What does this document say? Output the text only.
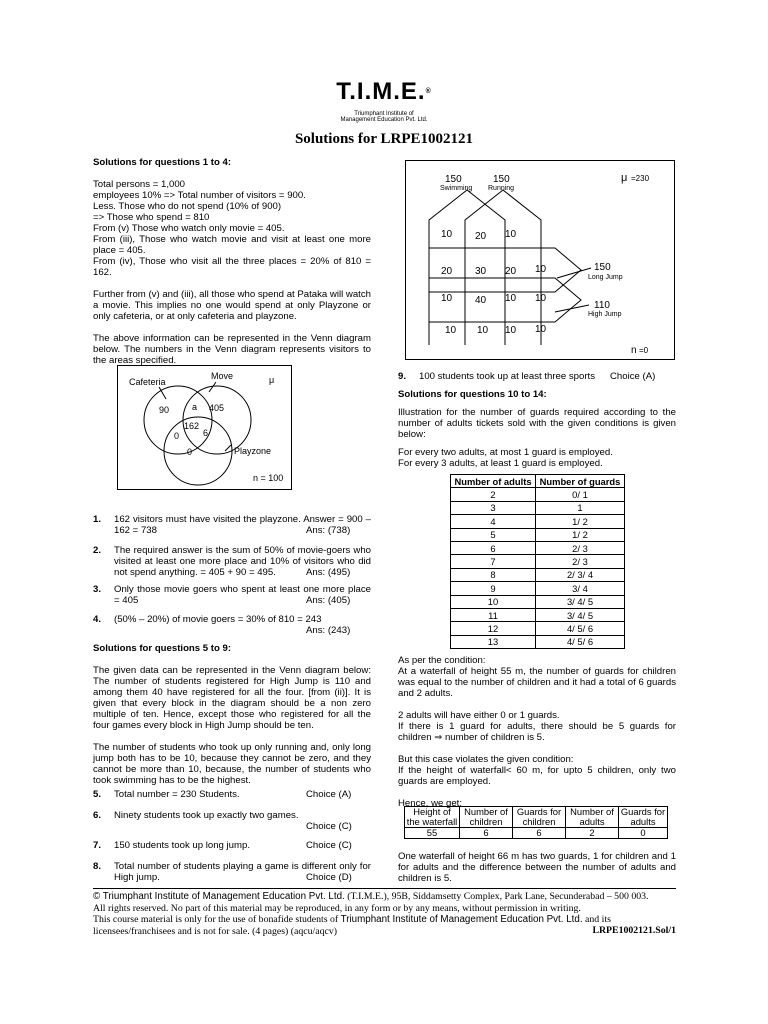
T.I.M.E.®
Triumphant Institute of
Management Education Pvt. Ltd.
Solutions for LRPE1002121

Solutions for questions 1 to 4:

Total persons = 1,000

employees 10% => Total number of visitors = 900.

Less. Those who do not spend (10% of 900)

=> Those who spend = 810

From (v) Those who watch only movie = 405.

From (iii), Those who watch movie and visit at least one more place = 405.

From (iv), Those who visit all the three places = 20% of 810 = 162.

Further from (v) and (iii), all those who spend at Pataka will watch a movie. This implies no one would spend at only Playzone or only cafeteria, or at only cafeteria and playzone.

The above information can be represented in the Venn diagram below. The numbers in the Venn diagram represents visitors to the areas specified.

Cafeteria
Move	μ
90	a 405
162
0	6
0	Playzone
n = 100
1. 162 visitors must have visited the playzone. Answer = 900 – 162 = 738	Ans: (738)
2. The required answer is the sum of 50% of movie-goers who visited at least one more place and 10% of visitors who did not spend anything. = 405 + 90 = 495.	Ans: (495)
3. Only those movie goers who spent at least one more place = 405	Ans: (405)
4. (50% – 20%) of movie goers = 30% of 810 = 243
Ans: (243)

Solutions for questions 5 to 9:

The given data can be represented in the Venn diagram below: The number of students registered for High Jump is 110 and among them 40 have registered for all the four. [from (ii)]. It is given that every block in the diagram should be a non zero multiple of ten. Hence, except those who registered for all the four games every block in High Jump should be ten.

The number of students who took up only running and, only long jump both has to be 10, because they cannot be zero, and they cannot be more than 10, because, the number of students who took swimming has to be the highest.

5. Total number = 230 Students.	Choice (A)
6. Ninety students took up exactly two games.
Choice (C)
7. 150 students took up long jump.	Choice (C)
8. Total number of students playing a game is different only for High jump.	Choice (D)
150
Swimming
150
Running
μ =230
10 20 10
20 30 20 10
10 40 10 10
10 10 10 10
150
Long Jump
110
High Jump
n =0
9. 100 students took up at least three sports Choice (A)

Solutions for questions 10 to 14:

Illustration for the number of guards required according to the number of adults tickets sold with the given conditions is given below:

For every two adults, at most 1 guard is employed.

For every 3 adults, at least 1 guard is employed.

Number of adults	Number of guards
2	0/ 1
3	1
4	1/ 2
5	1/ 2
6	2/ 3
7	2/ 3
8	2/ 3/ 4
9	3/ 4
10	3/ 4/ 5
11	3/ 4/ 5
12	4/ 5/ 6
13	4/ 5/ 6

As per the condition:

At a waterfall of height 55 m, the number of guards for children was equal to the number of children and it had a total of 6 guards and 2 adults.

2 adults will have either 0 or 1 guards.

If there is 1 guard for adults, there should be 5 guards for children ⇒ number of children is 5.

But this case violates the given condition:

If the height of waterfall< 60 m, for upto 5 children, only two guards are employed.

Hence, we get:

Height of the waterfall	Number of children	Guards for children	Number of adults	Guards for adults
55	6	6	2	0
One waterfall of height 66 m has two guards, 1 for children and 1 for adults and the difference between the number of adults and children is 5.

© Triumphant Institute of Management Education Pvt. Ltd. (T.I.M.E.), 95B, Siddamsetty Complex, Park Lane, Secunderabad – 500 003.

All rights reserved. No part of this material may be reproduced, in any form or by any means, without permission in writing.

This course material is only for the use of bonafide students of Triumphant Institute of Management Education Pvt. Ltd. and its

licensees/franchisees and is not for sale. (4 pages) (aqcu/aqcv)	LRPE1002121.Sol/1
